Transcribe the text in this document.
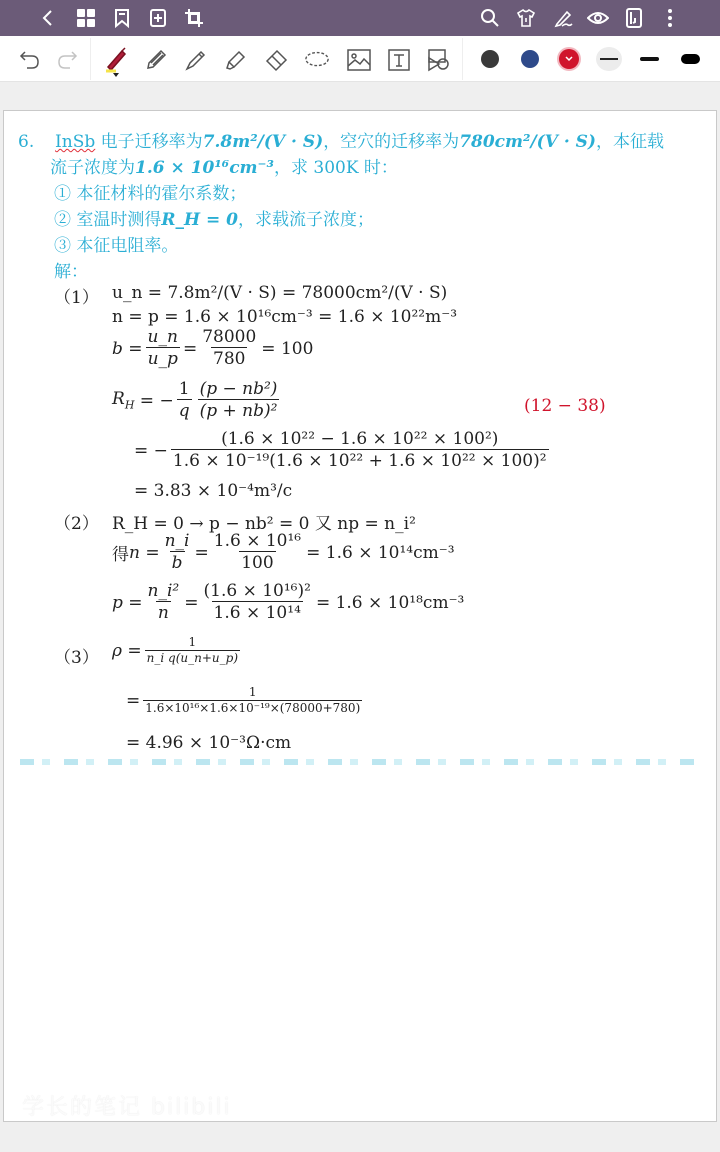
6. InSb 电子迁移率为7.8m²/(V · S)，空穴的迁移率为780cm²/(V · S)，本征载
流子浓度为1.6 × 10¹⁶cm⁻³，求 300K 时：
① 本征材料的霍尔系数；
② 室温时测得R_H = 0，求载流子浓度；
③ 本征电阻率。
解：
（1） u_n = 7.8m²/(V · S) = 78000cm²/(V · S)
n = p = 1.6 × 10¹⁶cm⁻³ = 1.6 × 10²²m⁻³
$b = \frac{u\_n}{u\_p} = \frac{78000}{780} = 100$
$R_H$ = − $\frac{1}{q} \frac{\text{(p − nb²)}}{\text{(p + nb)²}}$	(12 − 38)
= − $\frac{\text{(1.6 × 10²² − 1.6 × 10²² × 100²)}}{\text{1.6 × 10⁻¹⁹(1.6 × 10²² + 1.6 × 10²² × 100)²}}$
= 3.83 × 10⁻⁴m³/c
（2） R_H = 0 → p − nb² = 0 又 np = n_i²
得 $n = \frac{n\_i}{b} = \frac{\text{1.6 × 10¹⁶}}{100} = 1.6 \times 10^{14}cm^{-3}$
$p = \frac{\text{n\_i²}}{n} = \frac{\text{(1.6 × 10¹⁶)²}}{\text{1.6 × 10¹⁴}} = 1.6 \times 10^{18}cm^{-3}$
（3） $\rho = \frac{1}{\text{n\_i q(u\_n+u\_p)}}$
= $\frac{1}{\text{1.6×10¹⁶×1.6×10⁻¹⁹×(78000+780)}}$
= 4.96 × 10⁻³Ω·cm
学长的笔记 bilibili
